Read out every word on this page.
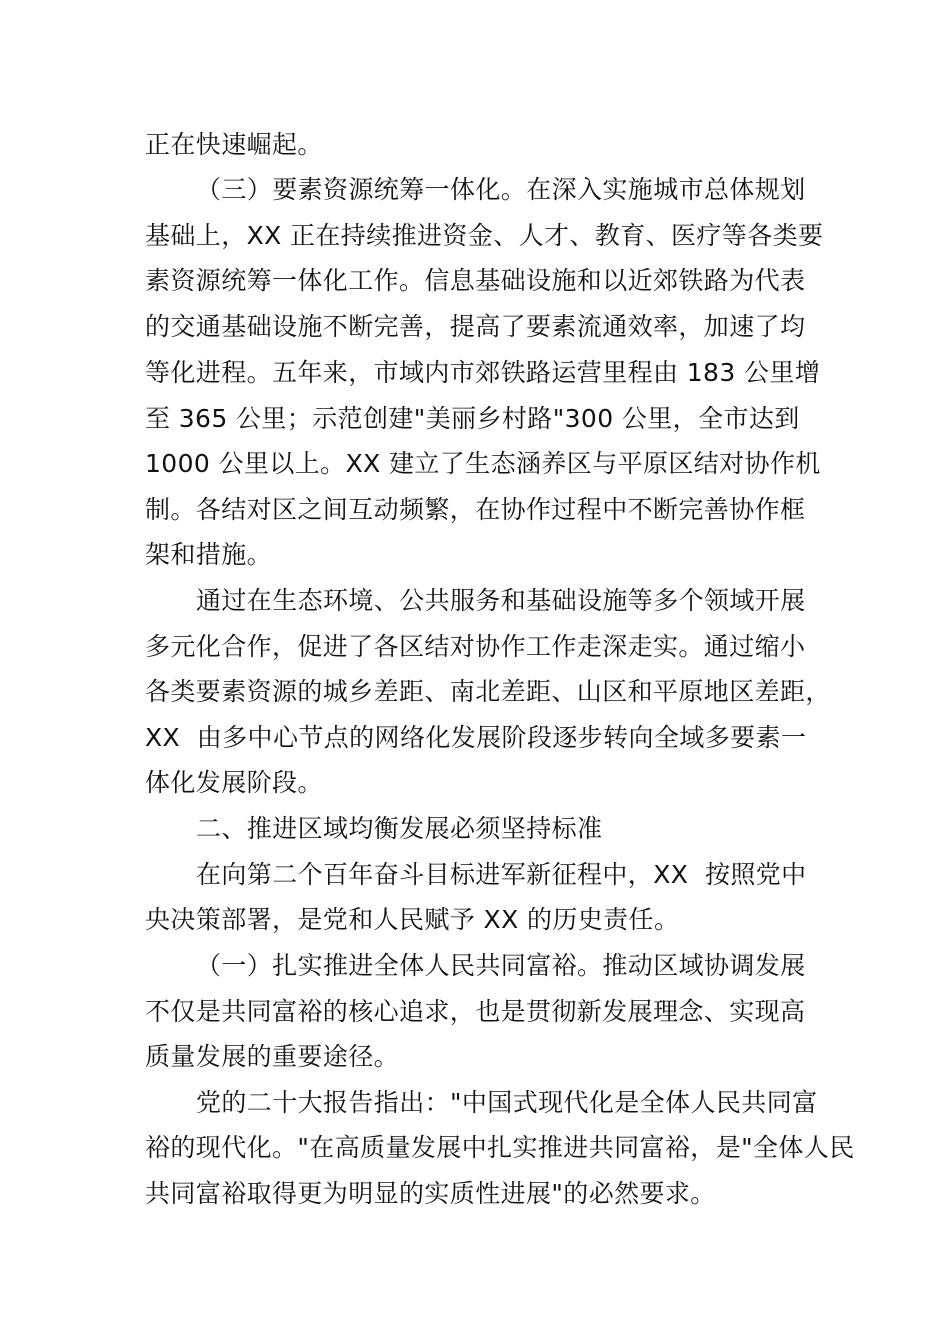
正在快速崛起。
（三）要素资源统筹一体化。在深入实施城市总体规划
基础上，XX 正在持续推进资金、人才、教育、医疗等各类要
素资源统筹一体化工作。信息基础设施和以近郊铁路为代表
的交通基础设施不断完善，提高了要素流通效率，加速了均
等化进程。五年来，市域内市郊铁路运营里程由 183 公里增
至 365 公里；示范创建"美丽乡村路"300 公里，全市达到
1000 公里以上。XX 建立了生态涵养区与平原区结对协作机
制。各结对区之间互动频繁，在协作过程中不断完善协作框
架和措施。
通过在生态环境、公共服务和基础设施等多个领域开展
多元化合作，促进了各区结对协作工作走深走实。通过缩小
各类要素资源的城乡差距、南北差距、山区和平原地区差距，
XX  由多中心节点的网络化发展阶段逐步转向全域多要素一
体化发展阶段。
二、推进区域均衡发展必须坚持标准
在向第二个百年奋斗目标进军新征程中，XX  按照党中
央决策部署，是党和人民赋予 XX 的历史责任。
（一）扎实推进全体人民共同富裕。推动区域协调发展
不仅是共同富裕的核心追求，也是贯彻新发展理念、实现高
质量发展的重要途径。
党的二十大报告指出："中国式现代化是全体人民共同富
裕的现代化。"在高质量发展中扎实推进共同富裕，是"全体人民
共同富裕取得更为明显的实质性进展"的必然要求。
